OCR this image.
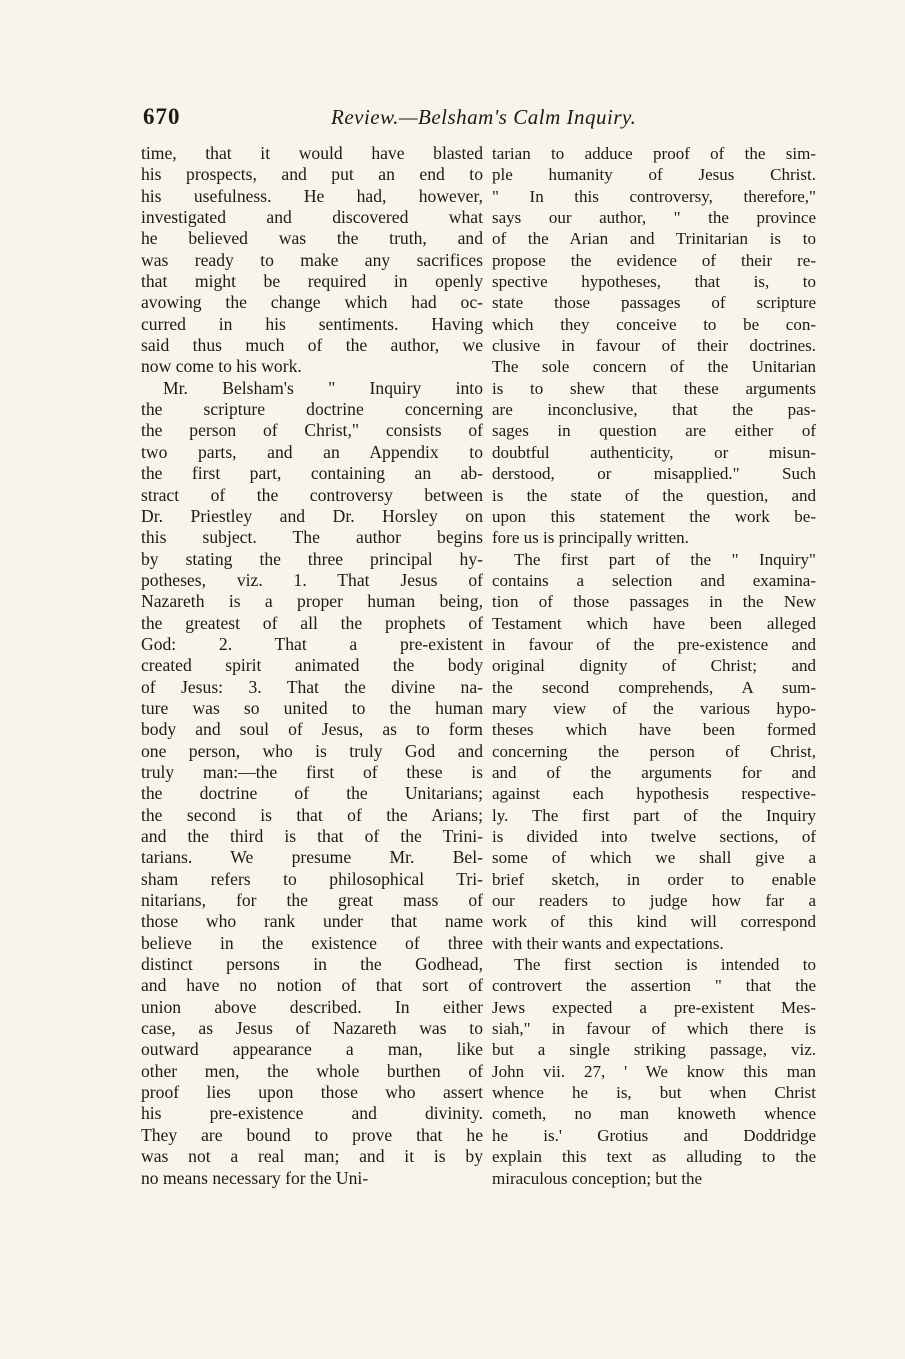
670	Review.—Belsham's Calm Inquiry.
time, that it would have blasted
his prospects, and put an end to
his usefulness. He had, however,
investigated and discovered what
he believed was the truth, and
was ready to make any sacrifices
that might be required in openly
avowing the change which had oc-
curred in his sentiments. Having
said thus much of the author, we
now come to his work.
Mr. Belsham's " Inquiry into
the scripture doctrine concerning
the person of Christ," consists of
two parts, and an Appendix to
the first part, containing an ab-
stract of the controversy between
Dr. Priestley and Dr. Horsley on
this subject. The author begins
by stating the three principal hy-
potheses, viz. 1. That Jesus of
Nazareth is a proper human being,
the greatest of all the prophets of
God: 2. That a pre-existent
created spirit animated the body
of Jesus: 3. That the divine na-
ture was so united to the human
body and soul of Jesus, as to form
one person, who is truly God and
truly man:—the first of these is
the doctrine of the Unitarians;
the second is that of the Arians;
and the third is that of the Trini-
tarians. We presume Mr. Bel-
sham refers to philosophical Tri-
nitarians, for the great mass of
those who rank under that name
believe in the existence of three
distinct persons in the Godhead,
and have no notion of that sort of
union above described. In either
case, as Jesus of Nazareth was to
outward appearance a man, like
other men, the whole burthen of
proof lies upon those who assert
his pre-existence and divinity.
They are bound to prove that he
was not a real man; and it is by
no means necessary for the Uni-
tarian to adduce proof of the sim-
ple humanity of Jesus Christ.
" In this controversy, therefore,"
says our author, " the province
of the Arian and Trinitarian is to
propose the evidence of their re-
spective hypotheses, that is, to
state those passages of scripture
which they conceive to be con-
clusive in favour of their doctrines.
The sole concern of the Unitarian
is to shew that these arguments
are inconclusive, that the pas-
sages in question are either of
doubtful authenticity, or misun-
derstood, or misapplied." Such
is the state of the question, and
upon this statement the work be-
fore us is principally written.
The first part of the " Inquiry"
contains a selection and examina-
tion of those passages in the New
Testament which have been alleged
in favour of the pre-existence and
original dignity of Christ; and
the second comprehends, A sum-
mary view of the various hypo-
theses which have been formed
concerning the person of Christ,
and of the arguments for and
against each hypothesis respective-
ly. The first part of the Inquiry
is divided into twelve sections, of
some of which we shall give a
brief sketch, in order to enable
our readers to judge how far a
work of this kind will correspond
with their wants and expectations.
The first section is intended to
controvert the assertion " that the
Jews expected a pre-existent Mes-
siah," in favour of which there is
but a single striking passage, viz.
John vii. 27, ' We know this man
whence he is, but when Christ
cometh, no man knoweth whence
he is.' Grotius and Doddridge
explain this text as alluding to the
miraculous conception; but the
